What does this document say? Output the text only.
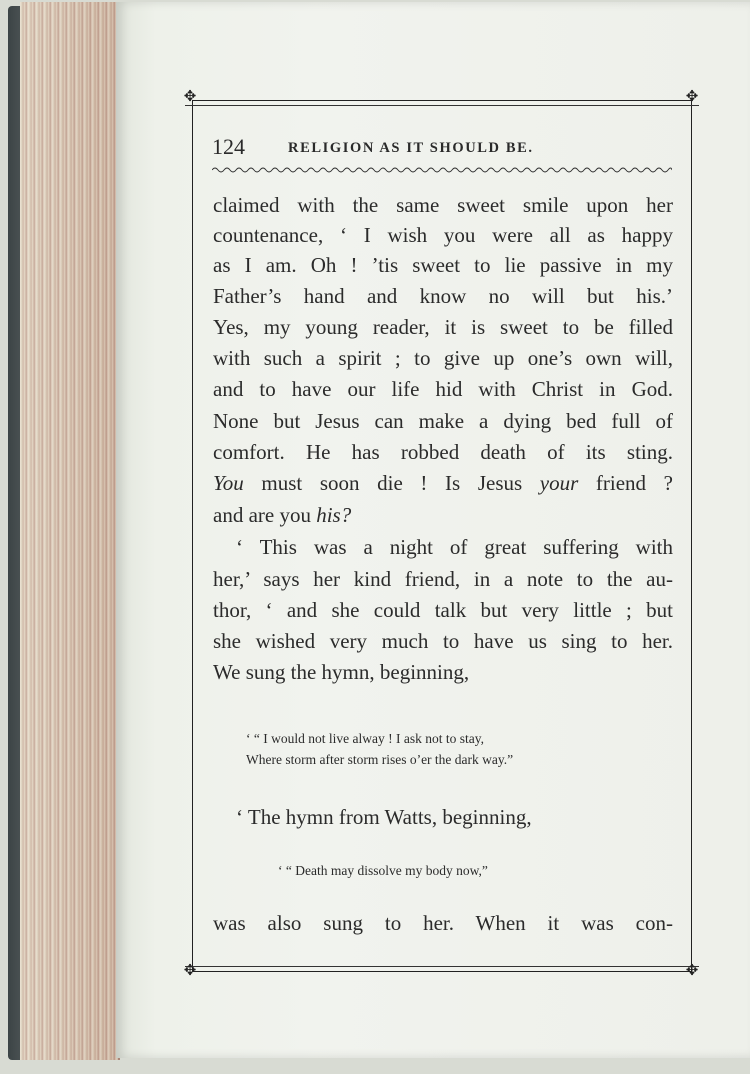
✥	✥
✥	✥
124	RELIGION AS IT SHOULD BE.
claimed with the same sweet smile upon her
countenance, ‘ I wish you were all as happy
as I am. Oh ! ’tis sweet to lie passive in my
Father’s hand and know no will but his.’
Yes, my young reader, it is sweet to be filled
with such a spirit ; to give up one’s own will,
and to have our life hid with Christ in God.
None but Jesus can make a dying bed full of
comfort. He has robbed death of its sting.
You must soon die ! Is Jesus your friend ?
and are you his?
‘ This was a night of great suffering with
her,’ says her kind friend, in a note to the au-
thor, ‘ and she could talk but very little ; but
she wished very much to have us sing to her.
We sung the hymn, beginning,
‘ “ I would not live alway ! I ask not to stay,
Where storm after storm rises o’er the dark way.”
‘ The hymn from Watts, beginning,
‘ “ Death may dissolve my body now,”
was also sung to her. When it was con-
